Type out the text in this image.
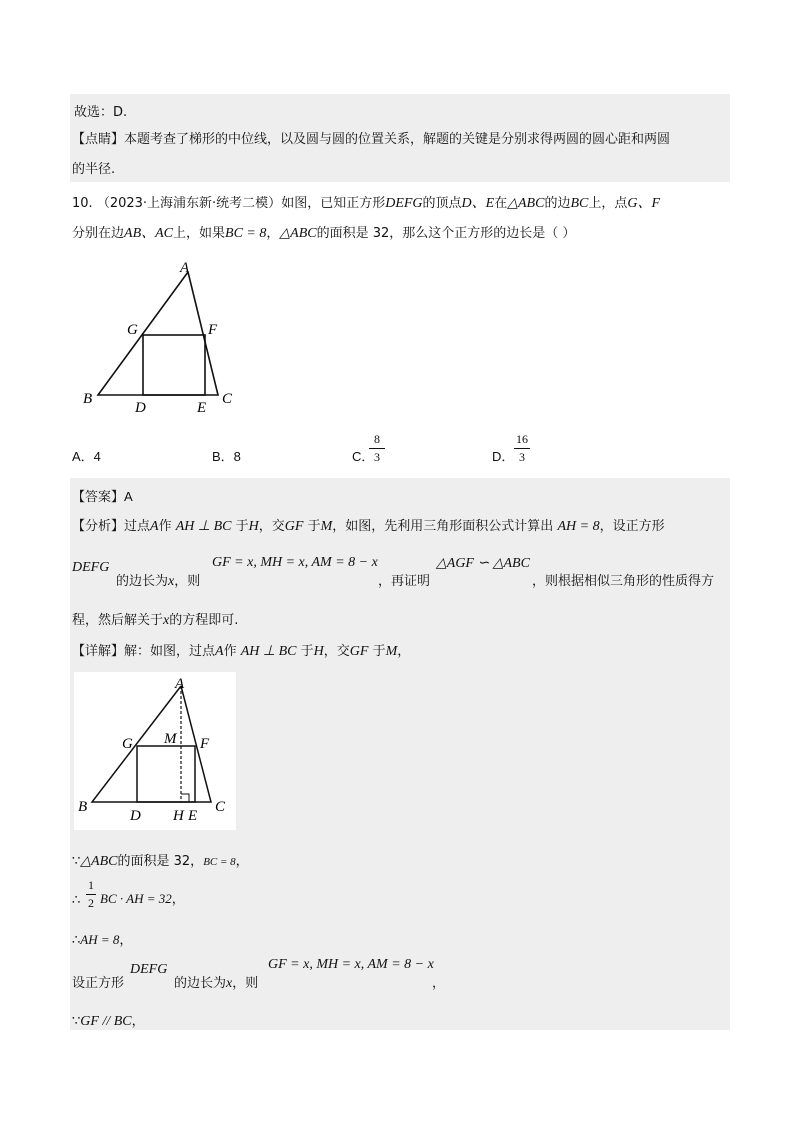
故选：D.
【点睛】本题考查了梯形的中位线，以及圆与圆的位置关系，解题的关键是分别求得两圆的圆心距和两圆
的半径.
10. （2023·上海浦东新·统考二模）如图，已知正方形DEFG的顶点D、E在△ABC的边BC上，点G、F
分别在边AB、AC上，如果BC = 8，△ABC的面积是 32，那么这个正方形的边长是（ ）
A
G	F
B
D	E
C
A．4	B．8	C．
8
3	D．
16
3
【答案】A
【分析】过点A作 AH ⊥ BC 于H，交GF 于M，如图，先利用三角形面积公式计算出 AH = 8，设正方形
DEFG
的边长为x，则
GF = x, MH = x, AM = 8 − x
，再证明
△AGF ∽ △ABC
，则根据相似三角形的性质得方
程，然后解关于x的方程即可.
【详解】解：如图，过点A作 AH ⊥ BC 于H，交GF 于M，
A
G M F
B
D H E
C
∵△ABC的面积是 32，BC = 8，
∴
1
2 BC · AH = 32，
∴AH = 8，
设正方形
DEFG
的边长为x，则
GF = x, MH = x, AM = 8 − x
，
∵GF // BC，
